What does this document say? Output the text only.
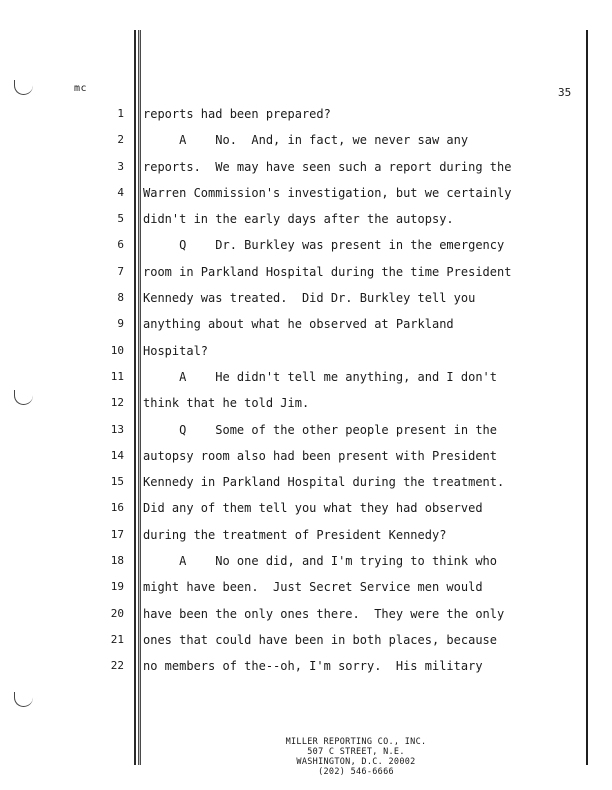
mc	35
1
2
3
4
5
6
7
8
9
10
11
12
13
14
15
16
17
18
19
20
21
22
reports had been prepared?
A    No.  And, in fact, we never saw any
reports.  We may have seen such a report during the
Warren Commission's investigation, but we certainly
didn't in the early days after the autopsy.
Q    Dr. Burkley was present in the emergency
room in Parkland Hospital during the time President
Kennedy was treated.  Did Dr. Burkley tell you
anything about what he observed at Parkland
Hospital?
A    He didn't tell me anything, and I don't
think that he told Jim.
Q    Some of the other people present in the
autopsy room also had been present with President
Kennedy in Parkland Hospital during the treatment.
Did any of them tell you what they had observed
during the treatment of President Kennedy?
A    No one did, and I'm trying to think who
might have been.  Just Secret Service men would
have been the only ones there.  They were the only
ones that could have been in both places, because
no members of the--oh, I'm sorry.  His military
MILLER REPORTING CO., INC.
507 C STREET, N.E.
WASHINGTON, D.C. 20002
(202) 546-6666
